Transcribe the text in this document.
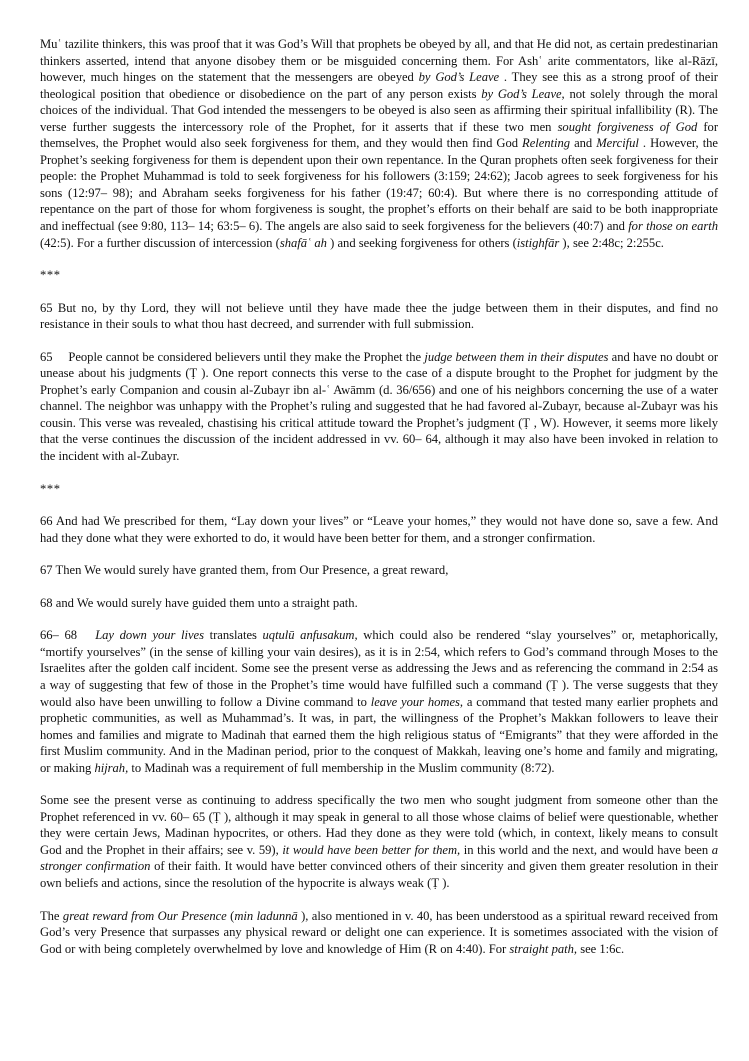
Muʿ tazilite thinkers, this was proof that it was God’s Will that prophets be obeyed by all, and that He did not, as certain predestinarian thinkers asserted, intend that anyone disobey them or be misguided concerning them. For Ashʿ arite commentators, like al-Rāzī, however, much hinges on the statement that the messengers are obeyed by God’s Leave . They see this as a strong proof of their theological position that obedience or disobedience on the part of any person exists by God’s Leave, not solely through the moral choices of the individual. That God intended the messengers to be obeyed is also seen as affirming their spiritual infallibility (R). The verse further suggests the intercessory role of the Prophet, for it asserts that if these two men sought forgiveness of God for themselves, the Prophet would also seek forgiveness for them, and they would then find God Relenting and Merciful . However, the Prophet’s seeking forgiveness for them is dependent upon their own repentance. In the Quran prophets often seek forgiveness for their people: the Prophet Muhammad is told to seek forgiveness for his followers (3:159; 24:62); Jacob agrees to seek forgiveness for his sons (12:97– 98); and Abraham seeks forgiveness for his father (19:47; 60:4). But where there is no corresponding attitude of repentance on the part of those for whom forgiveness is sought, the prophet’s efforts on their behalf are said to be both inappropriate and ineffectual (see 9:80, 113– 14; 63:5– 6). The angels are also said to seek forgiveness for the believers (40:7) and for those on earth (42:5). For a further discussion of intercession (shafāʿ ah ) and seeking forgiveness for others (istighfār ), see 2:48c; 2:255c.

***

65 But no, by thy Lord, they will not believe until they have made thee the judge between them in their disputes, and find no resistance in their souls to what thou hast decreed, and surrender with full submission.

65  People cannot be considered believers until they make the Prophet the judge between them in their disputes and have no doubt or unease about his judgments (Ṭ ). One report connects this verse to the case of a dispute brought to the Prophet for judgment by the Prophet’s early Companion and cousin al-Zubayr ibn al-ʿ Awāmm (d. 36/656) and one of his neighbors concerning the use of a water channel. The neighbor was unhappy with the Prophet’s ruling and suggested that he had favored al-Zubayr, because al-Zubayr was his cousin. This verse was revealed, chastising his critical attitude toward the Prophet’s judgment (Ṭ , W). However, it seems more likely that the verse continues the discussion of the incident addressed in vv. 60– 64, although it may also have been invoked in relation to the incident with al-Zubayr.

***

66 And had We prescribed for them, “Lay down your lives” or “Leave your homes,” they would not have done so, save a few. And had they done what they were exhorted to do, it would have been better for them, and a stronger confirmation.

67 Then We would surely have granted them, from Our Presence, a great reward,

68 and We would surely have guided them unto a straight path.

66– 68  Lay down your lives translates uqtulū anfusakum, which could also be rendered “slay yourselves” or, metaphorically, “mortify yourselves” (in the sense of killing your vain desires), as it is in 2:54, which refers to God’s command through Moses to the Israelites after the golden calf incident. Some see the present verse as addressing the Jews and as referencing the command in 2:54 as a way of suggesting that few of those in the Prophet’s time would have fulfilled such a command (Ṭ ). The verse suggests that they would also have been unwilling to follow a Divine command to leave your homes, a command that tested many earlier prophets and prophetic communities, as well as Muhammad’s. It was, in part, the willingness of the Prophet’s Makkan followers to leave their homes and families and migrate to Madinah that earned them the high religious status of “Emigrants” that they were afforded in the first Muslim community. And in the Madinan period, prior to the conquest of Makkah, leaving one’s home and family and migrating, or making hijrah, to Madinah was a requirement of full membership in the Muslim community (8:72).

Some see the present verse as continuing to address specifically the two men who sought judgment from someone other than the Prophet referenced in vv. 60– 65 (Ṭ ), although it may speak in general to all those whose claims of belief were questionable, whether they were certain Jews, Madinan hypocrites, or others. Had they done as they were told (which, in context, likely means to consult God and the Prophet in their affairs; see v. 59), it would have been better for them, in this world and the next, and would have been a stronger confirmation of their faith. It would have better convinced others of their sincerity and given them greater resolution in their own beliefs and actions, since the resolution of the hypocrite is always weak (Ṭ ).

The great reward from Our Presence (min ladunnā ), also mentioned in v. 40, has been understood as a spiritual reward received from God’s very Presence that surpasses any physical reward or delight one can experience. It is sometimes associated with the vision of God or with being completely overwhelmed by love and knowledge of Him (R on 4:40). For straight path, see 1:6c.
